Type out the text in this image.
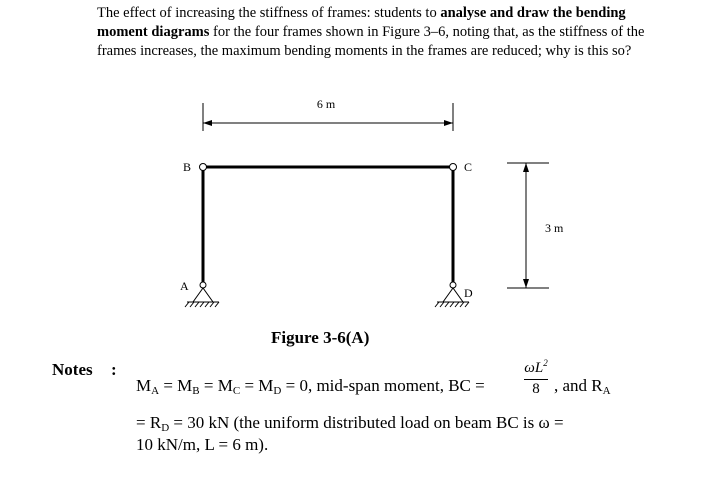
The effect of increasing the stiffness of frames: students to analyse and draw the bending moment diagrams for the four frames shown in Figure 3–6, noting that, as the stiffness of the frames increases, the maximum bending moments in the frames are reduced; why is this so?
6 m
B	C
A	D
3 m
Figure 3-6(A)
Notes :
$M_A = M_B = M_C = M_D = 0$, mid-span moment, BC =
$\omega L^2$
8 , and $R_A$
= $R_D = 30$ kN (the uniform distributed load on beam BC is ω =
10 kN/m, L = 6 m).
